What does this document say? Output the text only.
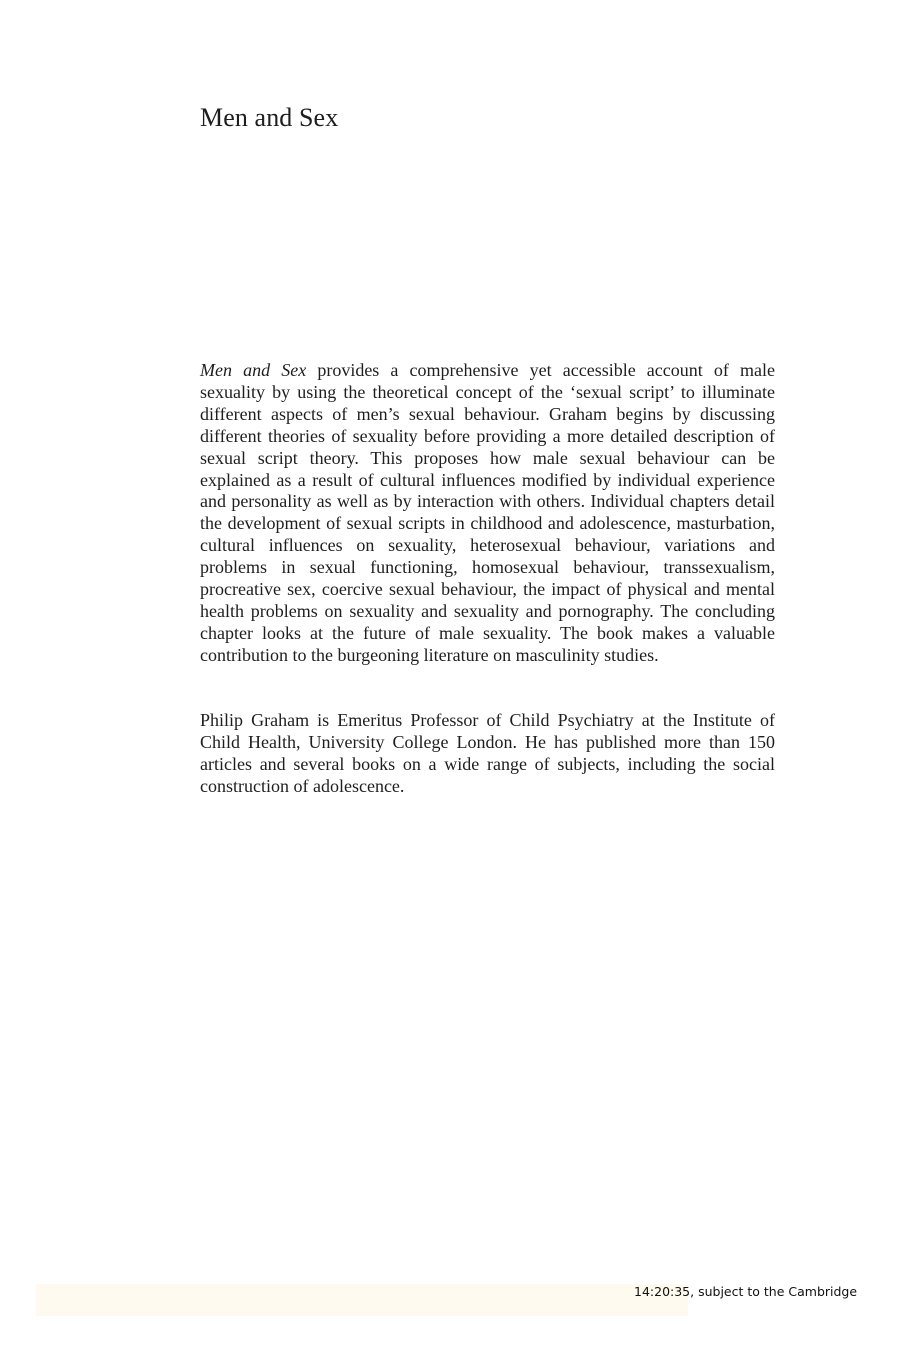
Men and Sex

Men and Sex provides a comprehensive yet accessible account of male sexuality by using the theoretical concept of the ‘sexual script’ to illuminate different aspects of men’s sexual behaviour. Graham begins by discussing different theories of sexuality before providing a more detailed description of sexual script theory. This proposes how male sexual behaviour can be explained as a result of cultural influences modified by individual experience and personality as well as by interaction with others. Individual chapters detail the development of sexual scripts in childhood and adolescence, masturbation, cultural influences on sexuality, heterosexual behaviour, variations and problems in sexual functioning, homosexual behaviour, transsexualism, procreative sex, coercive sexual behaviour, the impact of physical and mental health problems on sexuality and sexuality and pornography. The concluding chapter looks at the future of male sexuality. The book makes a valuable contribution to the burgeoning literature on masculinity studies.

Philip Graham is Emeritus Professor of Child Psychiatry at the Institute of Child Health, University College London. He has published more than 150 articles and several books on a wide range of subjects, including the social construction of adolescence.

14:20:35, subject to the Cambridge
